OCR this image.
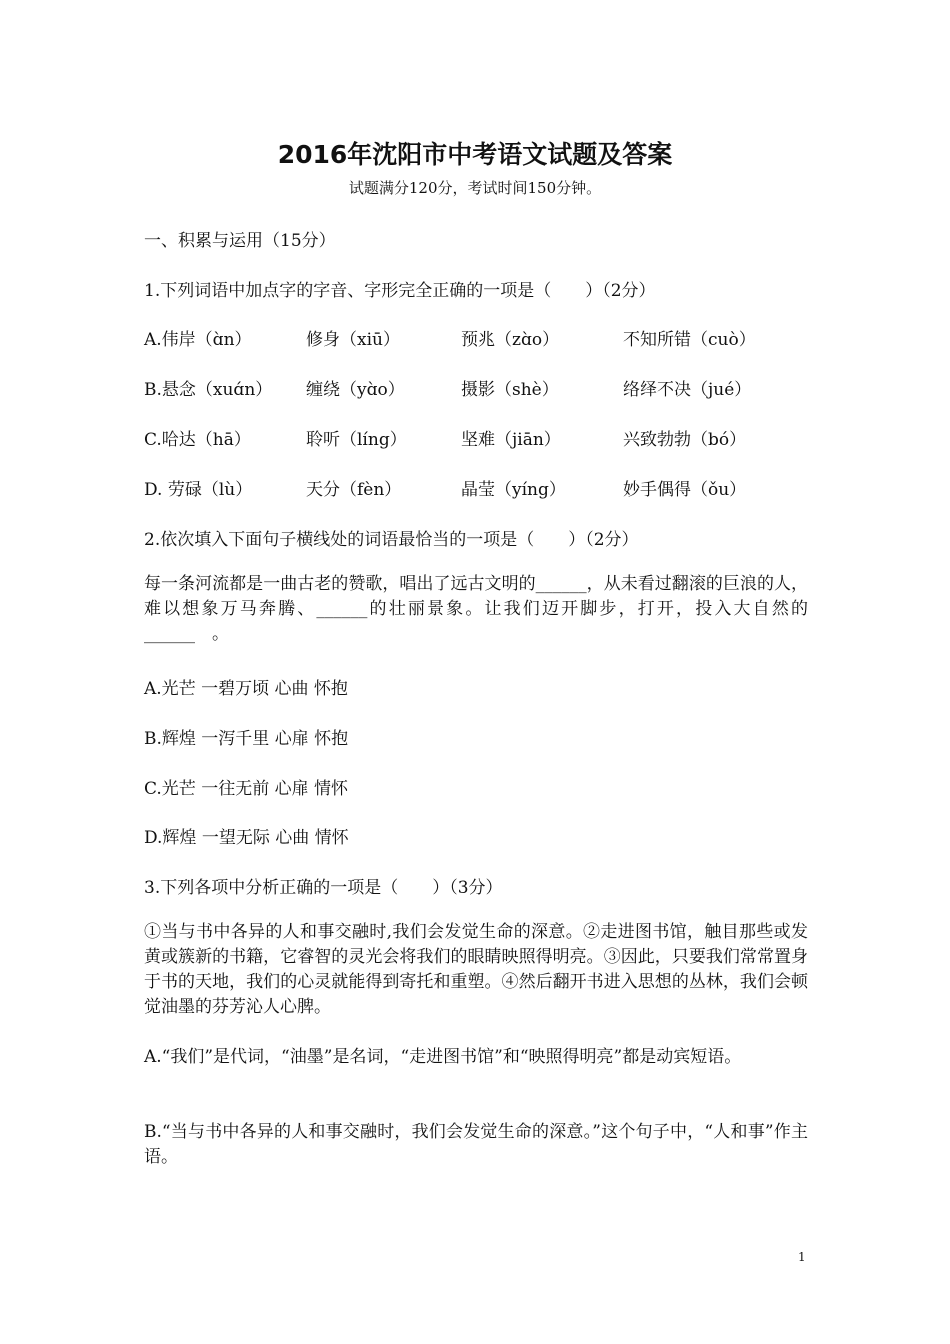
2016年沈阳市中考语文试题及答案
试题满分120分，考试时间150分钟。
一、积累与运用（15分）
1.下列词语中加点字的字音、字形完全正确的一项是（　　）（2分）
A.伟岸（ɑ̀n）	修身（xiū）	预兆（zɑ̀o）	不知所错（cuò）
B.悬念（xuɑ́n） 缠绕（yɑ̀o）	摄影（shè）	络绎不决（jué）
C.哈达（hā）	聆听（líng）	坚难（jiān）	兴致勃勃（bó）
D. 劳碌（lù）	天分（fèn）	晶莹（yíng）	妙手偶得（ǒu）
2.依次填入下面句子横线处的词语最恰当的一项是（　　）（2分）
每一条河流都是一曲古老的赞歌，唱出了远古文明的______，从未看过翻滚的巨浪的人，难以想象万马奔腾、______的壮丽景象。让我们迈开脚步，打开，投入大自然的______　。
A.光芒 一碧万顷 心曲 怀抱
B.辉煌 一泻千里 心扉 怀抱
C.光芒 一往无前 心扉 情怀
D.辉煌 一望无际 心曲 情怀
3.下列各项中分析正确的一项是（　　）（3分）
①当与书中各异的人和事交融时,我们会发觉生命的深意。②走进图书馆，触目那些或发黄或簇新的书籍，它睿智的灵光会将我们的眼睛映照得明亮。③因此，只要我们常常置身于书的天地，我们的心灵就能得到寄托和重塑。④然后翻开书进入思想的丛林，我们会顿觉油墨的芬芳沁人心脾。
A.“我们”是代词，“油墨”是名词，“走进图书馆”和“映照得明亮”都是动宾短语。
B.“当与书中各异的人和事交融时，我们会发觉生命的深意。”这个句子中，“人和事”作主语。
1
